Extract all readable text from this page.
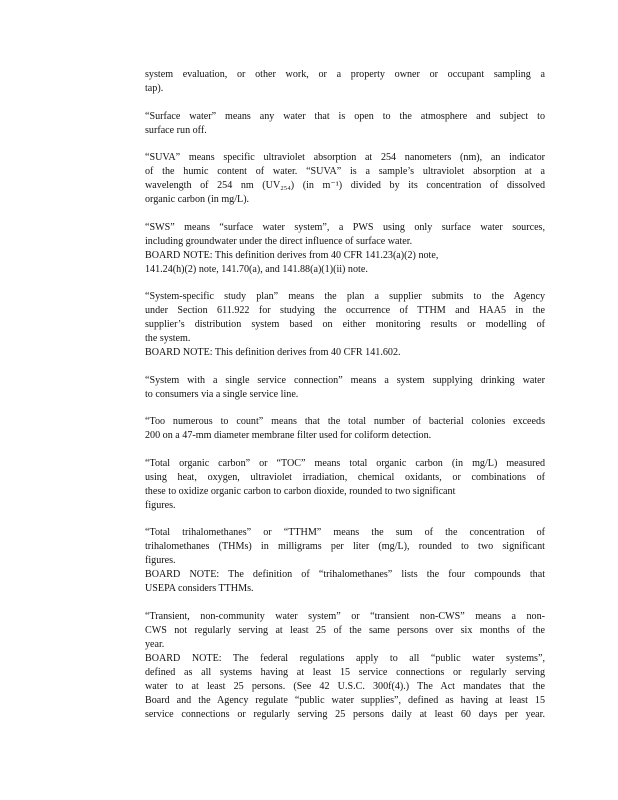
system evaluation, or other work, or a property owner or occupant sampling a
tap).
“Surface water” means any water that is open to the atmosphere and subject to
surface run off.
“SUVA” means specific ultraviolet absorption at 254 nanometers (nm), an indicator
of the humic content of water. “SUVA” is a sample’s ultraviolet absorption at a
wavelength of 254 nm (UV₂₅₄) (in m⁻¹) divided by its concentration of dissolved
organic carbon (in mg/L).
“SWS” means “surface water system”, a PWS using only surface water sources,
including groundwater under the direct influence of surface water.
BOARD NOTE: This definition derives from 40 CFR 141.23(a)(2) note,
141.24(h)(2) note, 141.70(a), and 141.88(a)(1)(ii) note.
“System-specific study plan” means the plan a supplier submits to the Agency
under Section 611.922 for studying the occurrence of TTHM and HAA5 in the
supplier’s distribution system based on either monitoring results or modelling of
the system.
BOARD NOTE: This definition derives from 40 CFR 141.602.
“System with a single service connection” means a system supplying drinking water
to consumers via a single service line.
“Too numerous to count” means that the total number of bacterial colonies exceeds
200 on a 47-mm diameter membrane filter used for coliform detection.
“Total organic carbon” or “TOC” means total organic carbon (in mg/L) measured
using heat, oxygen, ultraviolet irradiation, chemical oxidants, or combinations of
these to oxidize organic carbon to carbon dioxide, rounded to two significant
figures.
“Total trihalomethanes” or “TTHM” means the sum of the concentration of
trihalomethanes (THMs) in milligrams per liter (mg/L), rounded to two significant
figures.
BOARD NOTE: The definition of “trihalomethanes” lists the four compounds that
USEPA considers TTHMs.
“Transient, non-community water system” or “transient non-CWS” means a non-
CWS not regularly serving at least 25 of the same persons over six months of the
year.
BOARD NOTE: The federal regulations apply to all “public water systems”,
defined as all systems having at least 15 service connections or regularly serving
water to at least 25 persons. (See 42 U.S.C. 300f(4).) The Act mandates that the
Board and the Agency regulate “public water supplies”, defined as having at least 15
service connections or regularly serving 25 persons daily at least 60 days per year.
